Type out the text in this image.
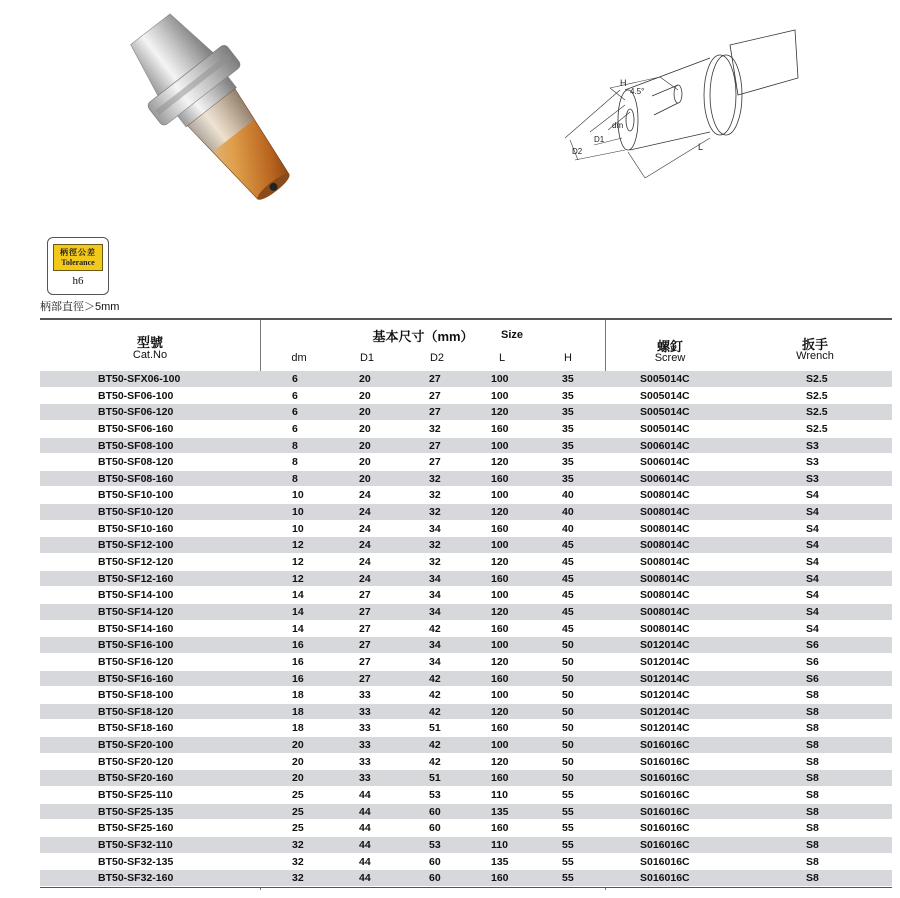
H
4.5°
dm
D1
D2	L
柄徑公差
Tolerance
h6
柄部直徑＞5mm
型號
Cat.No
基本尺寸（mm）	Size
dm	D1	D2	L	H
螺釘
Screw
扳手
Wrench
BT50-SFX06-100	6	20	27	100	35	S005014C	S2.5
BT50-SF06-100	6	20	27	100	35	S005014C	S2.5
BT50-SF06-120	6	20	27	120	35	S005014C	S2.5
BT50-SF06-160	6	20	32	160	35	S005014C	S2.5
BT50-SF08-100	8	20	27	100	35	S006014C	S3
BT50-SF08-120	8	20	27	120	35	S006014C	S3
BT50-SF08-160	8	20	32	160	35	S006014C	S3
BT50-SF10-100	10	24	32	100	40	S008014C	S4
BT50-SF10-120	10	24	32	120	40	S008014C	S4
BT50-SF10-160	10	24	34	160	40	S008014C	S4
BT50-SF12-100	12	24	32	100	45	S008014C	S4
BT50-SF12-120	12	24	32	120	45	S008014C	S4
BT50-SF12-160	12	24	34	160	45	S008014C	S4
BT50-SF14-100	14	27	34	100	45	S008014C	S4
BT50-SF14-120	14	27	34	120	45	S008014C	S4
BT50-SF14-160	14	27	42	160	45	S008014C	S4
BT50-SF16-100	16	27	34	100	50	S012014C	S6
BT50-SF16-120	16	27	34	120	50	S012014C	S6
BT50-SF16-160	16	27	42	160	50	S012014C	S6
BT50-SF18-100	18	33	42	100	50	S012014C	S8
BT50-SF18-120	18	33	42	120	50	S012014C	S8
BT50-SF18-160	18	33	51	160	50	S012014C	S8
BT50-SF20-100	20	33	42	100	50	S016016C	S8
BT50-SF20-120	20	33	42	120	50	S016016C	S8
BT50-SF20-160	20	33	51	160	50	S016016C	S8
BT50-SF25-110	25	44	53	110	55	S016016C	S8
BT50-SF25-135	25	44	60	135	55	S016016C	S8
BT50-SF25-160	25	44	60	160	55	S016016C	S8
BT50-SF32-110	32	44	53	110	55	S016016C	S8
BT50-SF32-135	32	44	60	135	55	S016016C	S8
BT50-SF32-160	32	44	60	160	55	S016016C	S8
